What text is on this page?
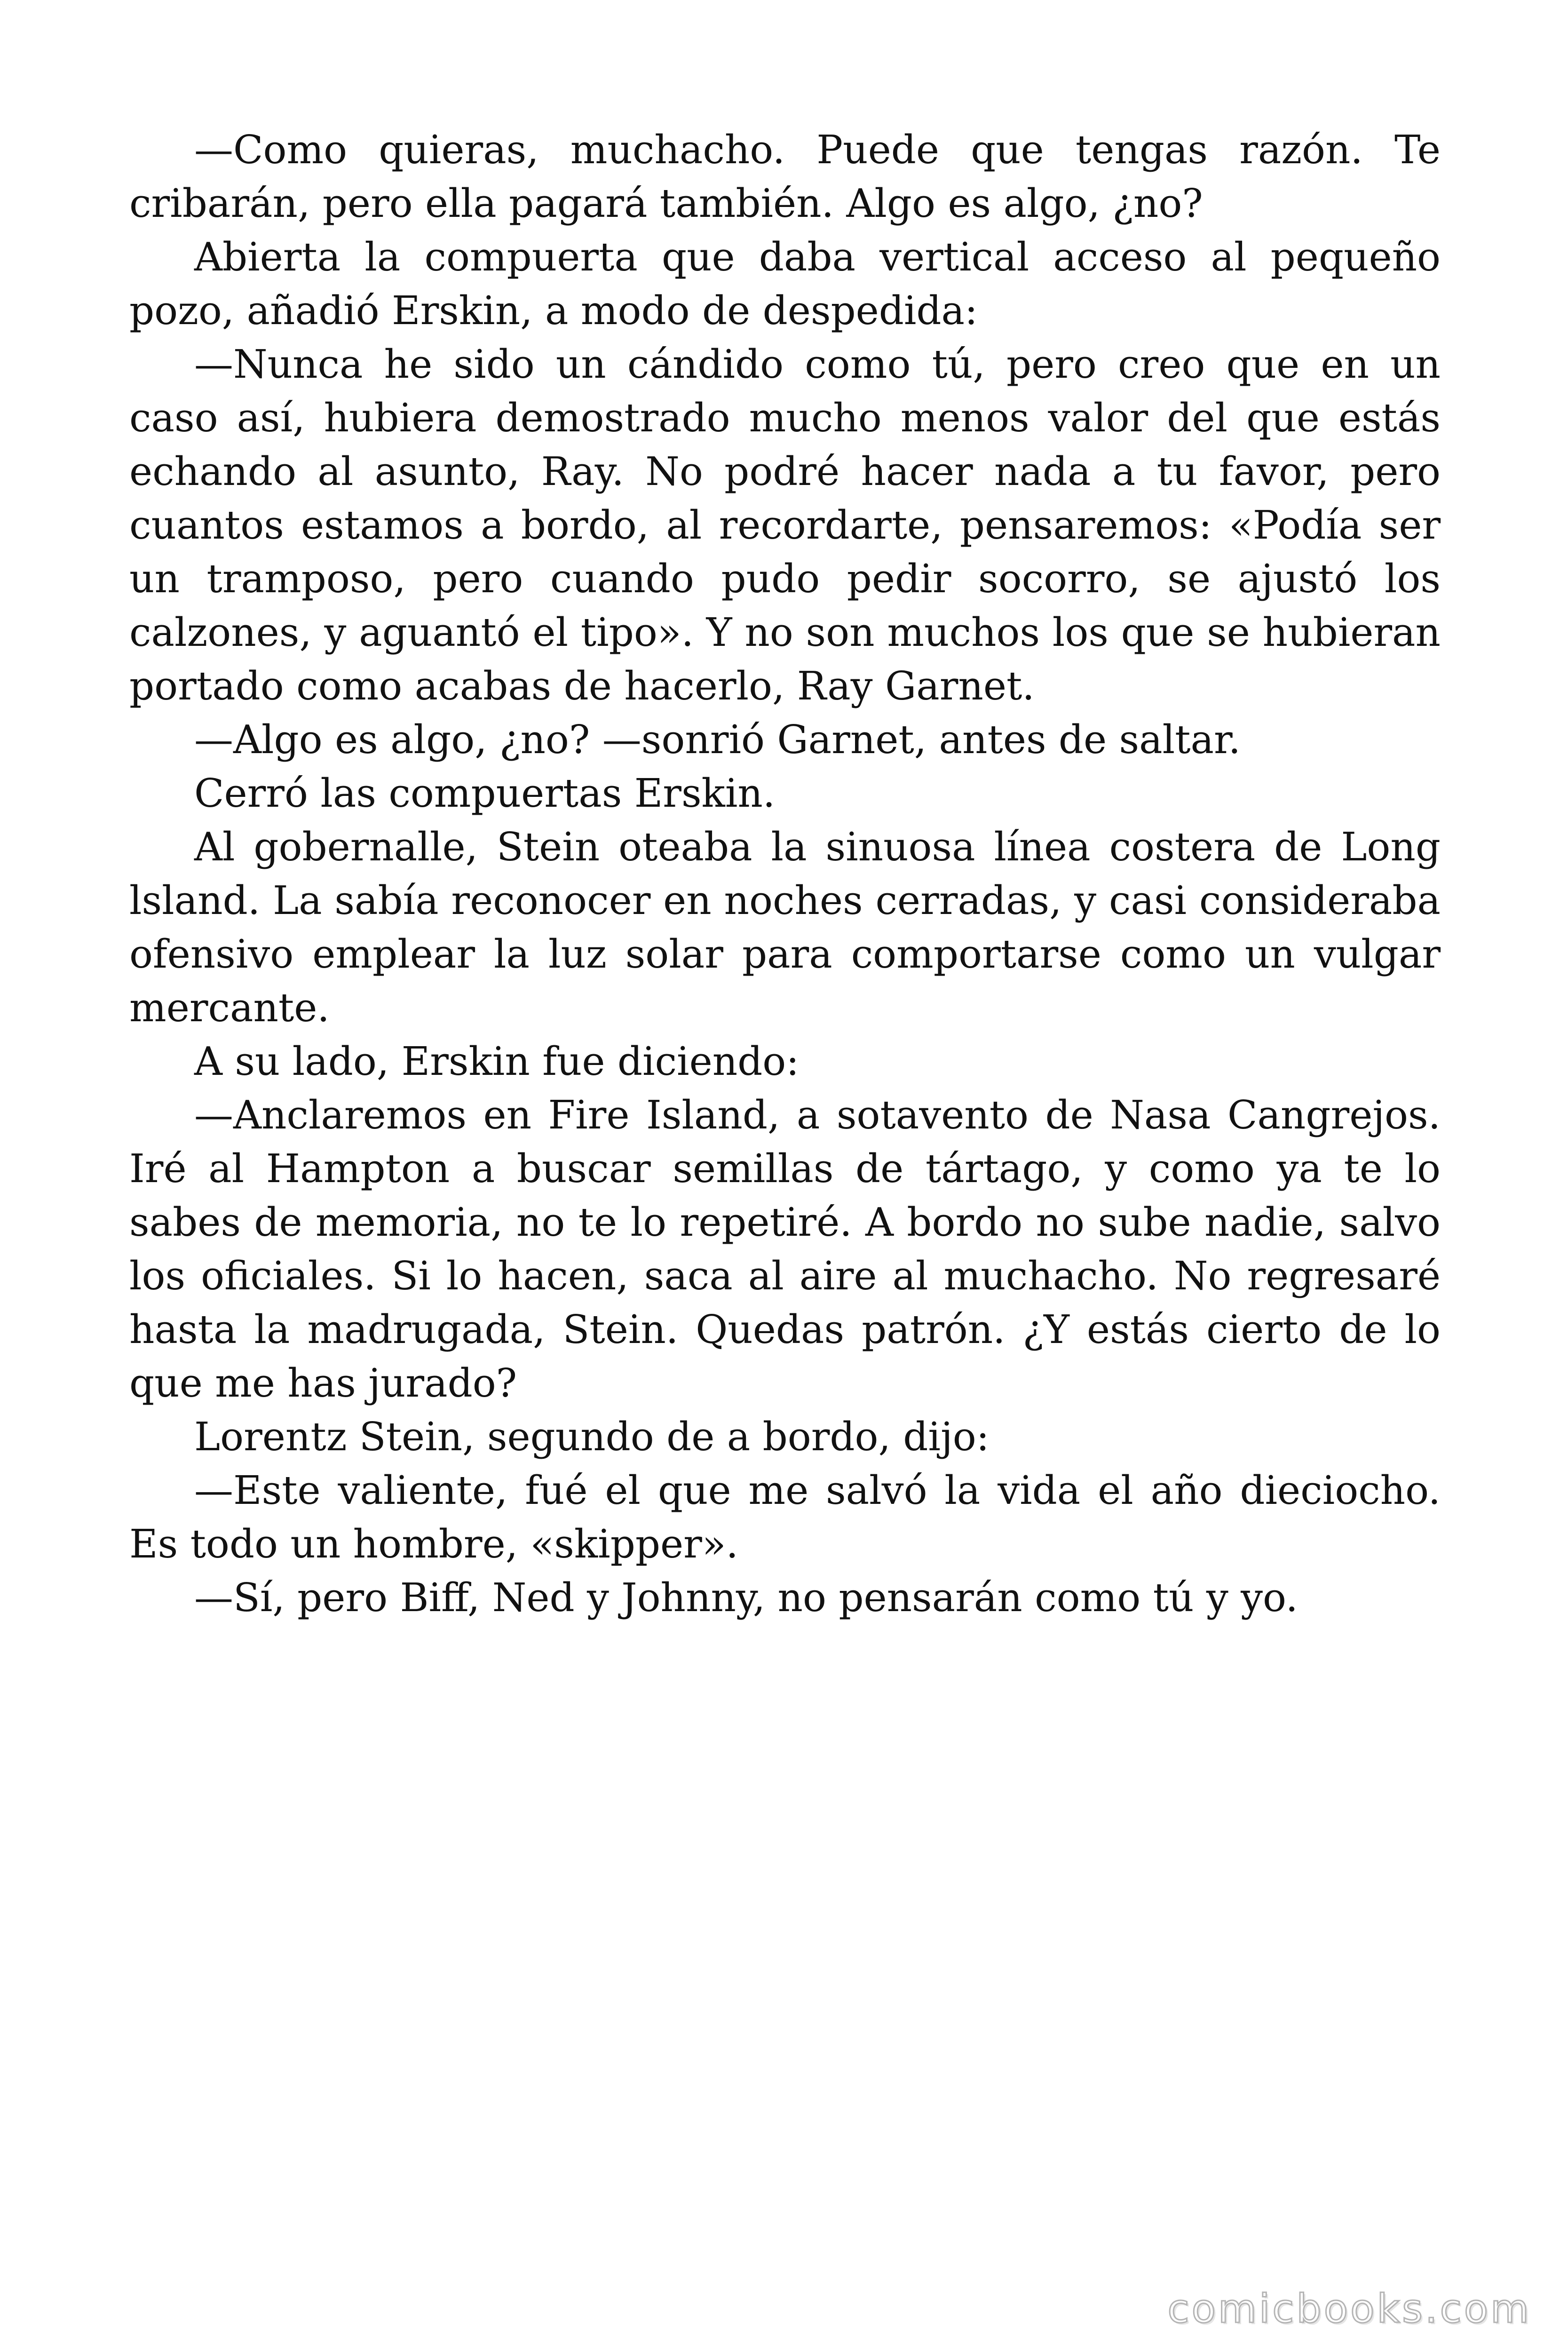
—Como quieras, muchacho. Puede que tengas razón. Te cribarán, pero ella pagará también. Algo es algo, ¿no?

Abierta la compuerta que daba vertical acceso al pequeño pozo, añadió Erskin, a modo de despedida:

—Nunca he sido un cándido como tú, pero creo que en un caso así, hubiera demostrado mucho menos valor del que estás echando al asunto, Ray. No podré hacer nada a tu favor, pero cuantos estamos a bordo, al recordarte, pensaremos: «Podía ser un tramposo, pero cuando pudo pedir socorro, se ajustó los calzones, y aguantó el tipo». Y no son muchos los que se hubieran portado como acabas de hacerlo, Ray Garnet.

—Algo es algo, ¿no? —sonrió Garnet, antes de saltar.

Cerró las compuertas Erskin.

Al gobernalle, Stein oteaba la sinuosa línea costera de Long lsland. La sabía reconocer en noches cerradas, y casi consideraba ofensivo emplear la luz solar para comportarse como un vulgar mercante.

A su lado, Erskin fue diciendo:

—Anclaremos en Fire Island, a sotavento de Nasa Cangrejos. Iré al Hampton a buscar semillas de tártago, y como ya te lo sabes de memoria, no te lo repetiré. A bordo no sube nadie, salvo los oficiales. Si lo hacen, saca al aire al muchacho. No regresaré hasta la madrugada, Stein. Quedas patrón. ¿Y estás cierto de lo que me has jurado?

Lorentz Stein, segundo de a bordo, dijo:

—Este valiente, fué el que me salvó la vida el año dieciocho. Es todo un hombre, «skipper».

—Sí, pero Biff, Ned y Johnny, no pensarán como tú y yo.

comicbooks.com
